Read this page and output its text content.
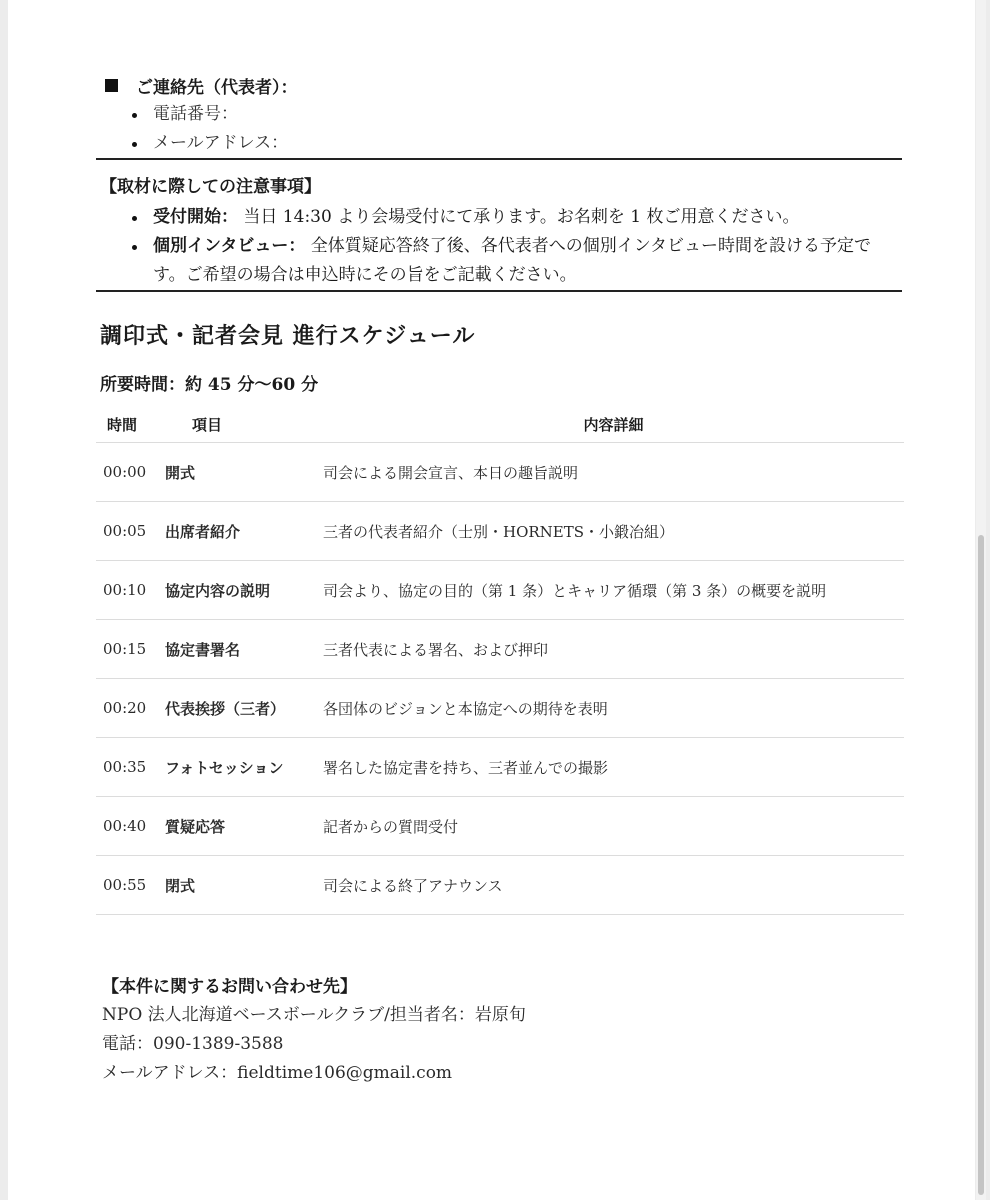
ご連絡先（代表者）：
電話番号：
メールアドレス：
【取材に際しての注意事項】
受付開始： 当日 14:30 より会場受付にて承ります。お名刺を 1 枚ご用意ください。
個別インタビュー： 全体質疑応答終了後、各代表者への個別インタビュー時間を設ける予定です。ご希望の場合は申込時にその旨をご記載ください。
調印式・記者会見 進行スケジュール
所要時間：約 45 分〜60 分
時間	項目	内容詳細
00:00	開式	司会による開会宣言、本日の趣旨説明
00:05	出席者紹介	三者の代表者紹介（士別・HORNETS・小鍛冶組）
00:10	協定内容の説明	司会より、協定の目的（第 1 条）とキャリア循環（第 3 条）の概要を説明
00:15	協定書署名	三者代表による署名、および押印
00:20	代表挨拶（三者）	各団体のビジョンと本協定への期待を表明
00:35	フォトセッション	署名した協定書を持ち、三者並んでの撮影
00:40	質疑応答	記者からの質問受付
00:55	閉式	司会による終了アナウンス
【本件に関するお問い合わせ先】
NPO 法人北海道ベースボールクラブ/担当者名：岩原旬
電話：090-1389-3588
メールアドレス：fieldtime106@gmail.com
